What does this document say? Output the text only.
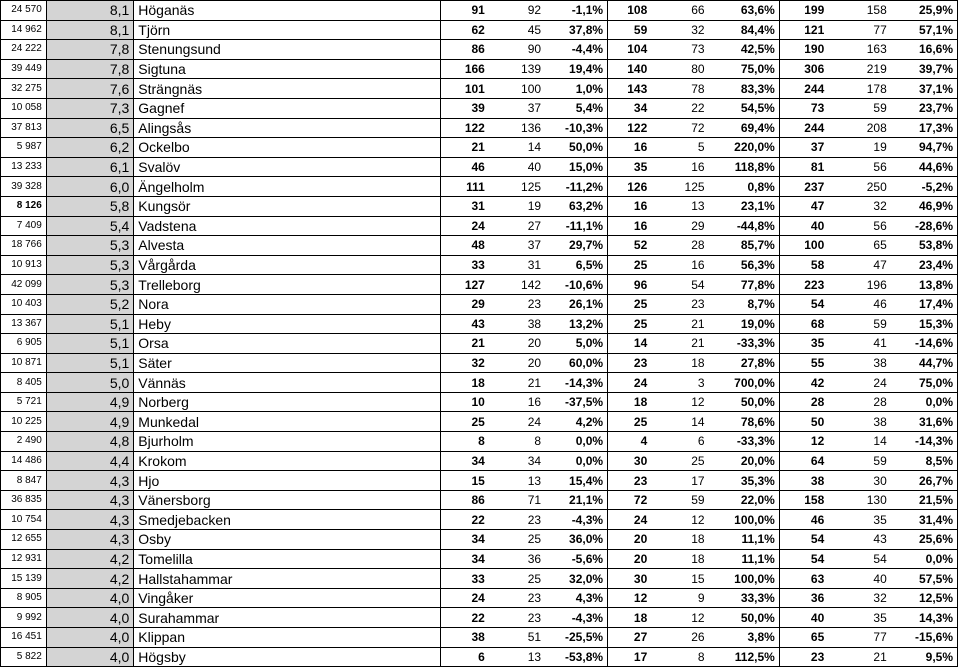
24 570	8,1	Höganäs	91	92	-1,1%	108	66	63,6%	199	158	25,9%
14 962	8,1	Tjörn	62	45	37,8%	59	32	84,4%	121	77	57,1%
24 222	7,8	Stenungsund	86	90	-4,4%	104	73	42,5%	190	163	16,6%
39 449	7,8	Sigtuna	166	139	19,4%	140	80	75,0%	306	219	39,7%
32 275	7,6	Strängnäs	101	100	1,0%	143	78	83,3%	244	178	37,1%
10 058	7,3	Gagnef	39	37	5,4%	34	22	54,5%	73	59	23,7%
37 813	6,5	Alingsås	122	136	-10,3%	122	72	69,4%	244	208	17,3%
5 987	6,2	Ockelbo	21	14	50,0%	16	5	220,0%	37	19	94,7%
13 233	6,1	Svalöv	46	40	15,0%	35	16	118,8%	81	56	44,6%
39 328	6,0	Ängelholm	111	125	-11,2%	126	125	0,8%	237	250	-5,2%
8 126	5,8	Kungsör	31	19	63,2%	16	13	23,1%	47	32	46,9%
7 409	5,4	Vadstena	24	27	-11,1%	16	29	-44,8%	40	56	-28,6%
18 766	5,3	Alvesta	48	37	29,7%	52	28	85,7%	100	65	53,8%
10 913	5,3	Vårgårda	33	31	6,5%	25	16	56,3%	58	47	23,4%
42 099	5,3	Trelleborg	127	142	-10,6%	96	54	77,8%	223	196	13,8%
10 403	5,2	Nora	29	23	26,1%	25	23	8,7%	54	46	17,4%
13 367	5,1	Heby	43	38	13,2%	25	21	19,0%	68	59	15,3%
6 905	5,1	Orsa	21	20	5,0%	14	21	-33,3%	35	41	-14,6%
10 871	5,1	Säter	32	20	60,0%	23	18	27,8%	55	38	44,7%
8 405	5,0	Vännäs	18	21	-14,3%	24	3	700,0%	42	24	75,0%
5 721	4,9	Norberg	10	16	-37,5%	18	12	50,0%	28	28	0,0%
10 225	4,9	Munkedal	25	24	4,2%	25	14	78,6%	50	38	31,6%
2 490	4,8	Bjurholm	8	8	0,0%	4	6	-33,3%	12	14	-14,3%
14 486	4,4	Krokom	34	34	0,0%	30	25	20,0%	64	59	8,5%
8 847	4,3	Hjo	15	13	15,4%	23	17	35,3%	38	30	26,7%
36 835	4,3	Vänersborg	86	71	21,1%	72	59	22,0%	158	130	21,5%
10 754	4,3	Smedjebacken	22	23	-4,3%	24	12	100,0%	46	35	31,4%
12 655	4,3	Osby	34	25	36,0%	20	18	11,1%	54	43	25,6%
12 931	4,2	Tomelilla	34	36	-5,6%	20	18	11,1%	54	54	0,0%
15 139	4,2	Hallstahammar	33	25	32,0%	30	15	100,0%	63	40	57,5%
8 905	4,0	Vingåker	24	23	4,3%	12	9	33,3%	36	32	12,5%
9 992	4,0	Surahammar	22	23	-4,3%	18	12	50,0%	40	35	14,3%
16 451	4,0	Klippan	38	51	-25,5%	27	26	3,8%	65	77	-15,6%
5 822	4,0	Högsby	6	13	-53,8%	17	8	112,5%	23	21	9,5%
